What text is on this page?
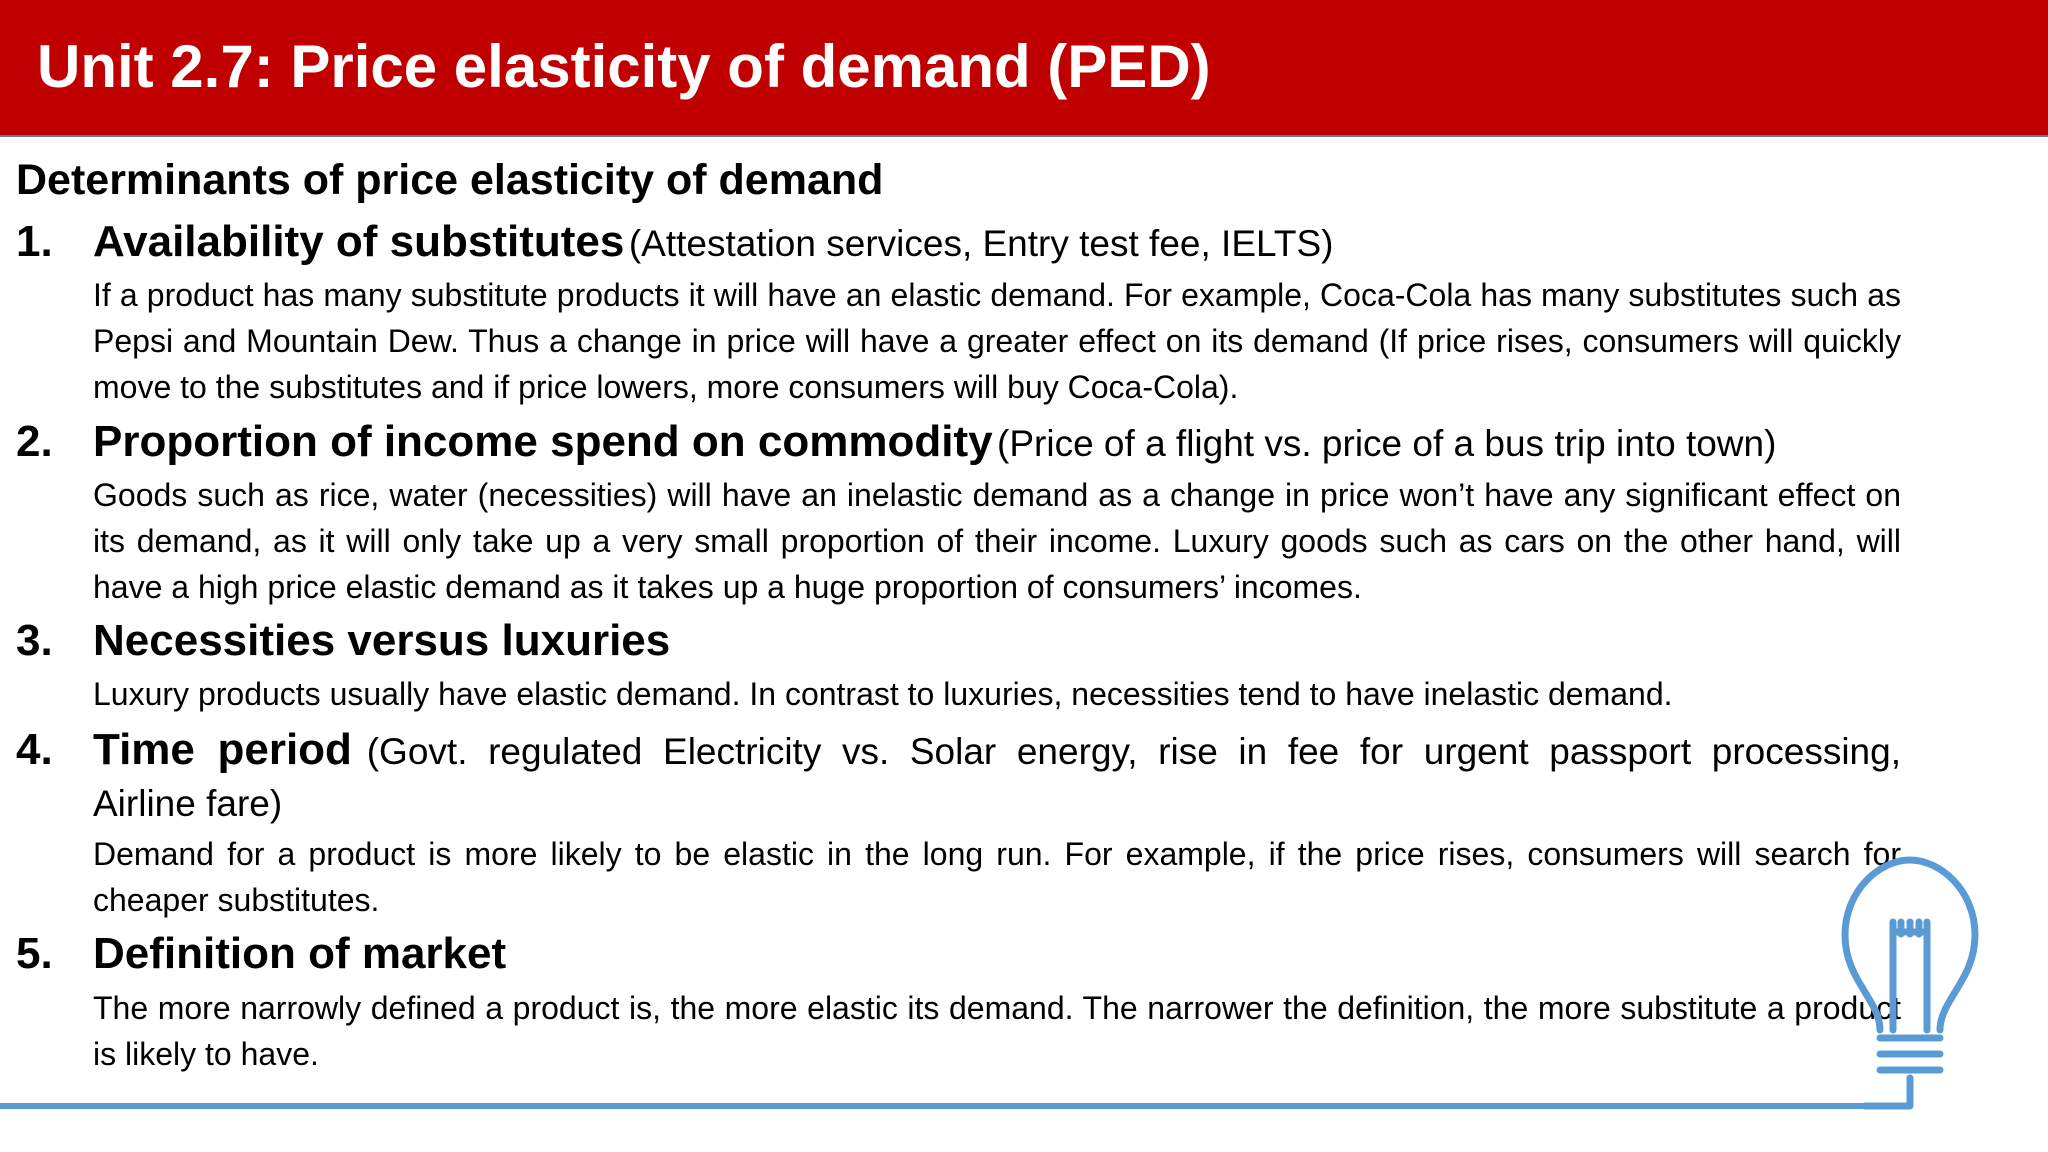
Unit 2.7: Price elasticity of demand (PED)
Determinants of price elasticity of demand
1. Availability of substitutes (Attestation services, Entry test fee, IELTS)
If a product has many substitute products it will have an elastic demand. For example, Coca-Cola has many substitutes such as Pepsi and Mountain Dew. Thus a change in price will have a greater effect on its demand (If price rises, consumers will quickly move to the substitutes and if price lowers, more consumers will buy Coca-Cola).
2. Proportion of income spend on commodity (Price of a flight vs. price of a bus trip into town)
Goods such as rice, water (necessities) will have an inelastic demand as a change in price won’t have any significant effect on its demand, as it will only take up a very small proportion of their income. Luxury goods such as cars on the other hand, will have a high price elastic demand as it takes up a huge proportion of consumers’ incomes.
3. Necessities versus luxuries
Luxury products usually have elastic demand. In contrast to luxuries, necessities tend to have inelastic demand.
4. Time period (Govt. regulated Electricity vs. Solar energy, rise in fee for urgent passport processing,
Airline fare)
Demand for a product is more likely to be elastic in the long run. For example, if the price rises, consumers will search for cheaper substitutes.
5. Definition of market
The more narrowly defined a product is, the more elastic its demand. The narrower the definition, the more substitute a product is likely to have.
